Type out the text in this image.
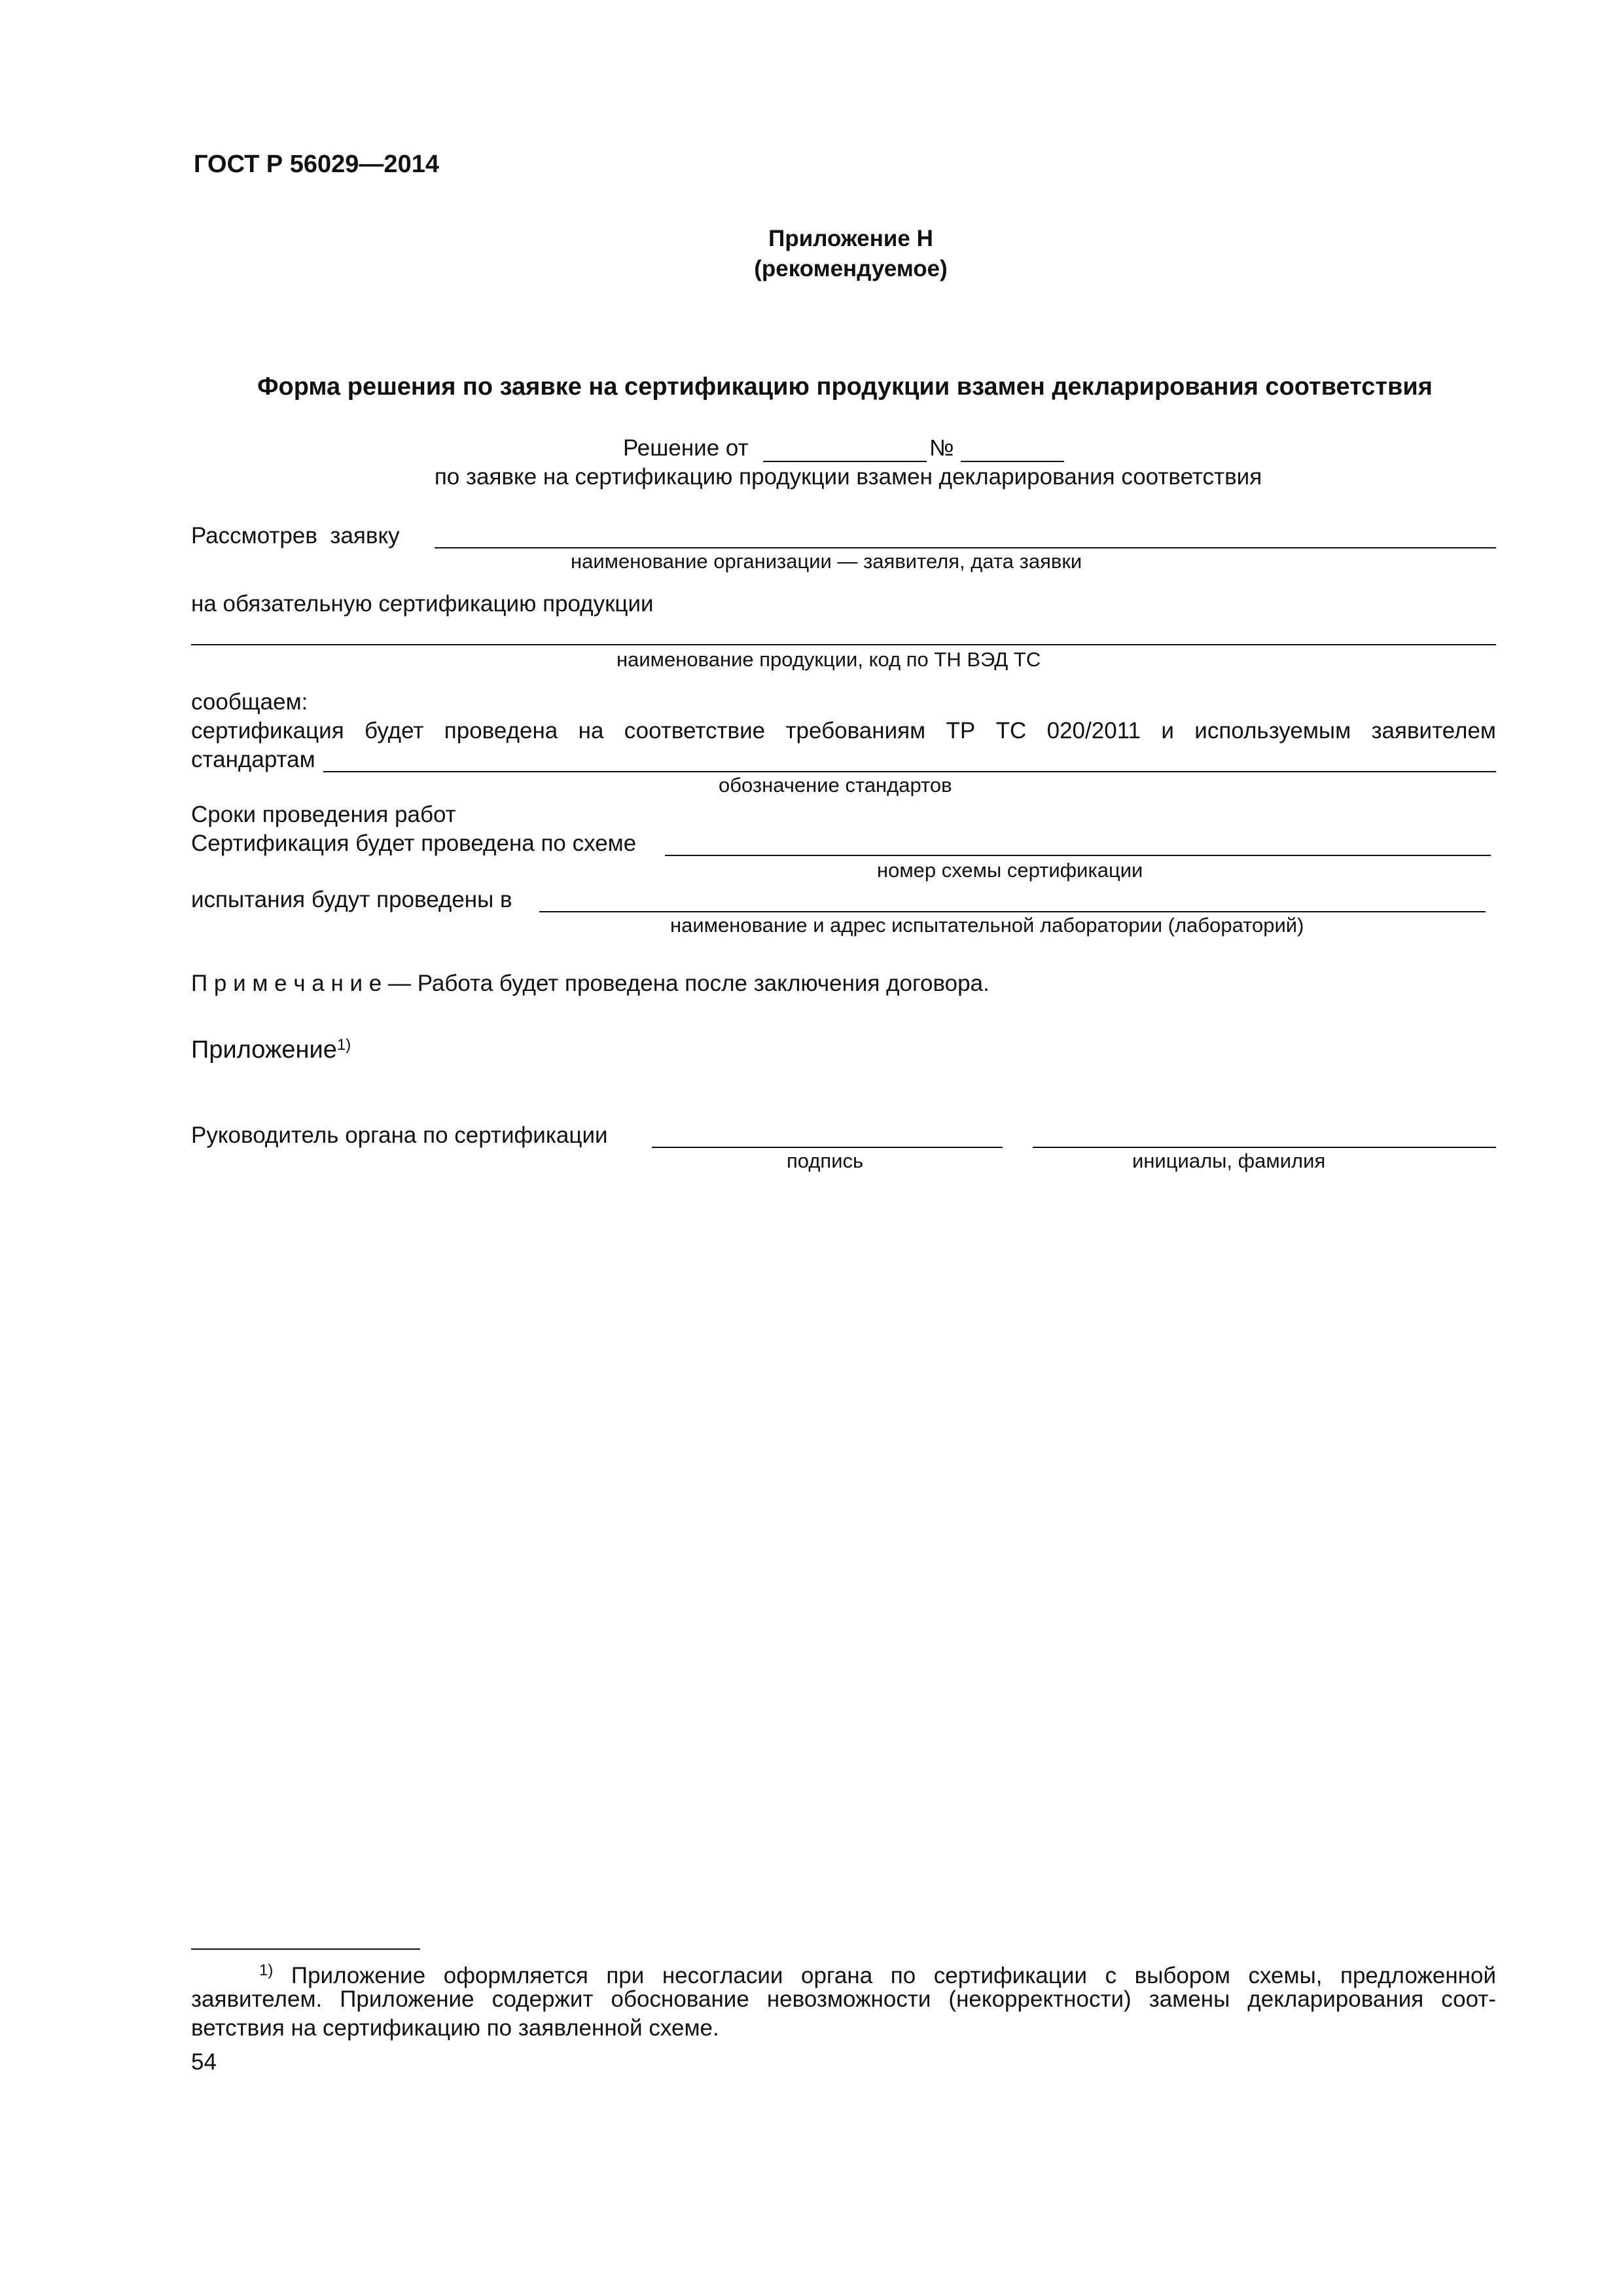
ГОСТ Р 56029—2014
Приложение Н
(рекомендуемое)
Форма решения по заявке на сертификацию продукции взамен декларирования соответствия
Решение от	№
по заявке на сертификацию продукции взамен декларирования соответствия
Рассмотрев  заявку
наименование организации — заявителя, дата заявки
на обязательную сертификацию продукции
наименование продукции, код по ТН ВЭД ТС
сообщаем:
сертификация будет проведена на соответствие требованиям ТР ТС 020/2011 и используемым заявителем
стандартам
обозначение стандартов
Сроки проведения работ
Сертификация будет проведена по схеме
номер схемы сертификации
испытания будут проведены в
наименование и адрес испытательной лаборатории (лабораторий)
П р и м е ч а н и е — Работа будет проведена после заключения договора.
Приложение$^{1)}$
Руководитель органа по сертификации
подпись	инициалы, фамилия
$^{1)}$ Приложение оформляется при несогласии органа по сертификации с выбором схемы, предложенной
заявителем. Приложение содержит обоснование невозможности (некорректности) замены декларирования соот-
ветствия на сертификацию по заявленной схеме.
54
